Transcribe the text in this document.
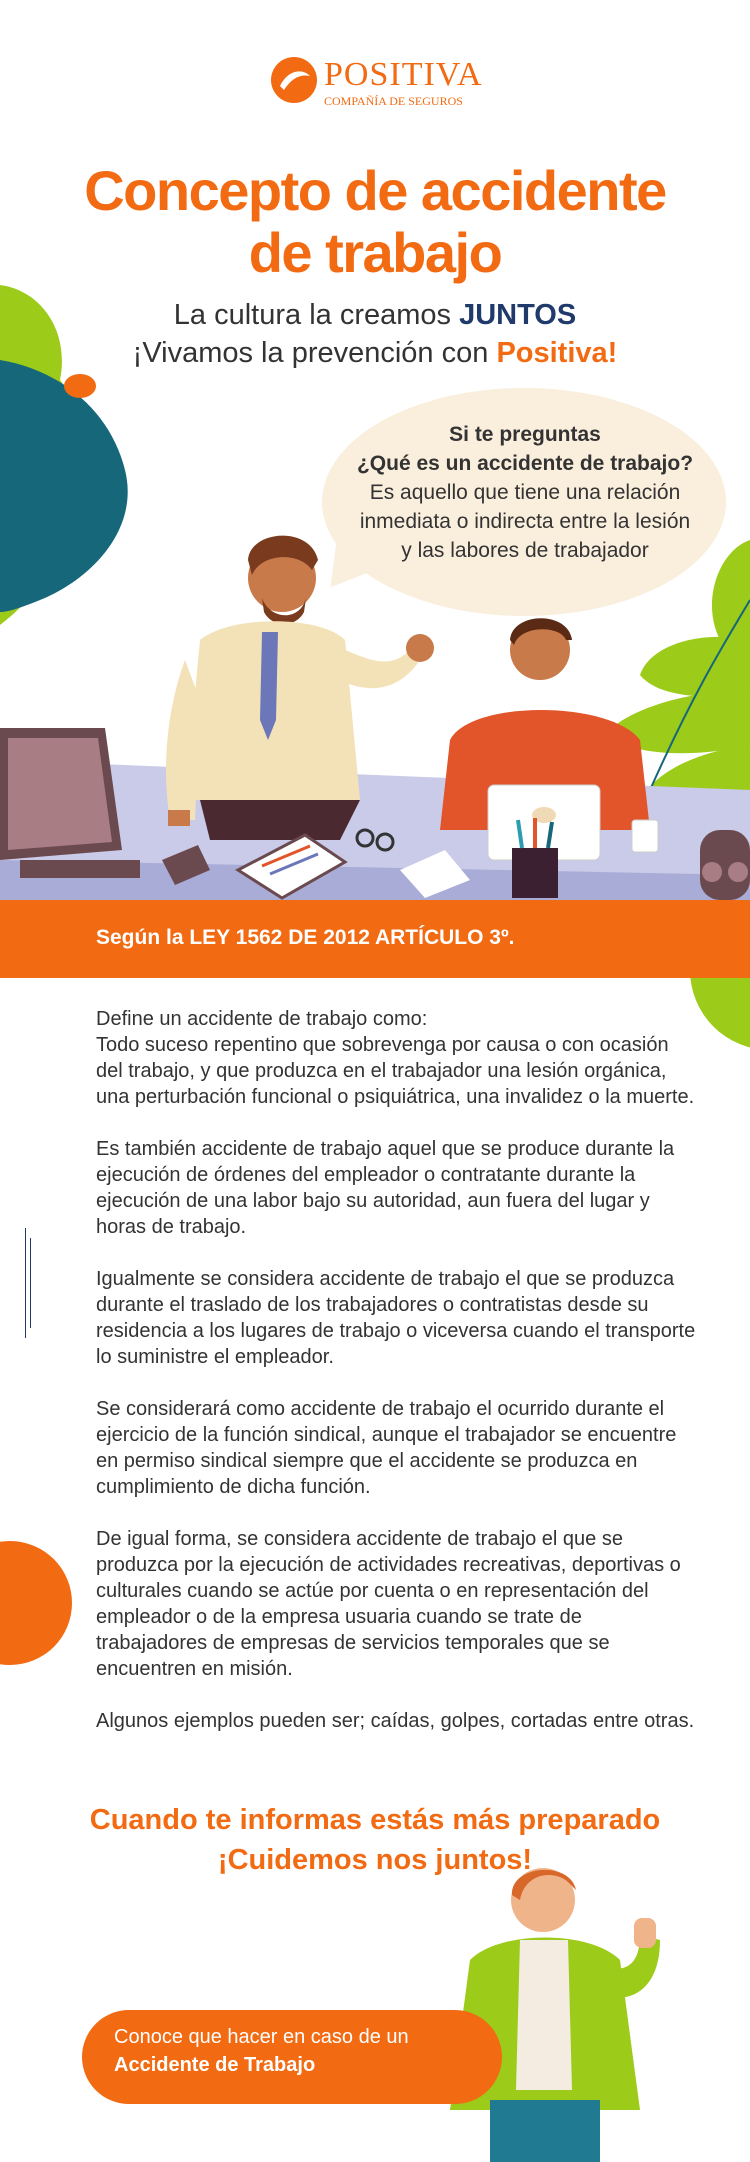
POSITIVA
COMPAÑÍA DE SEGUROS
Concepto de accidente
de trabajo
La cultura la creamos JUNTOS
¡Vivamos la prevención con Positiva!
Si te preguntas
¿Qué es un accidente de trabajo?
Es aquello que tiene una relación
inmediata o indirecta entre la lesión
y las labores de trabajador
Según la LEY 1562 DE 2012 ARTÍCULO 3º.

Define un accidente de trabajo como:
Todo suceso repentino que sobrevenga por causa o con ocasión del trabajo, y que produzca en el trabajador una lesión orgánica, una perturbación funcional o psiquiátrica, una invalidez o la muerte.

Es también accidente de trabajo aquel que se produce durante la ejecución de órdenes del empleador o contratante durante la ejecución de una labor bajo su autoridad, aun fuera del lugar y horas de trabajo.

Igualmente se considera accidente de trabajo el que se produzca durante el traslado de los trabajadores o contratistas desde su residencia a los lugares de trabajo o viceversa cuando el transporte lo suministre el empleador.

Se considerará como accidente de trabajo el ocurrido durante el ejercicio de la función sindical, aunque el trabajador se encuentre en permiso sindical siempre que el accidente se produzca en cumplimiento de dicha función.

De igual forma, se considera accidente de trabajo el que se produzca por la ejecución de actividades recreativas, deportivas o culturales cuando se actúe por cuenta o en representación del empleador o de la empresa usuaria cuando se trate de trabajadores de empresas de servicios temporales que se encuentren en misión.

Algunos ejemplos pueden ser; caídas, golpes, cortadas entre otras.

Cuando te informas estás más preparado
¡Cuidemos nos juntos!
Conoce que hacer en caso de un
Accidente de Trabajo
